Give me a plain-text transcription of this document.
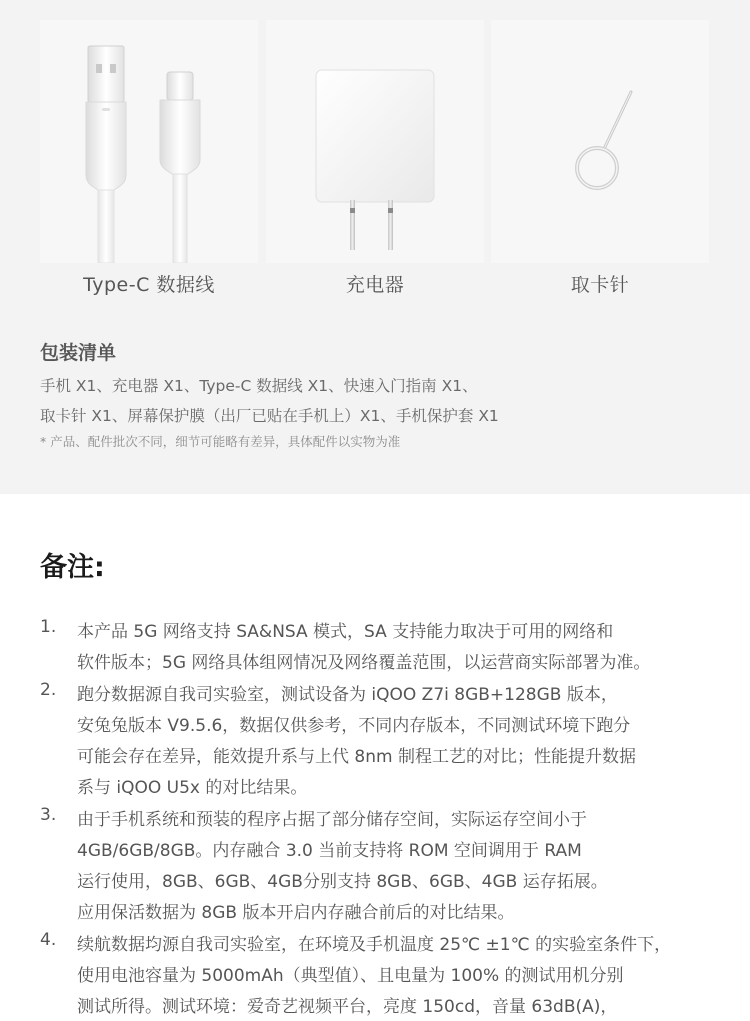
Type-C 数据线	充电器	取卡针
包装清单
手机 X1、充电器 X1、Type-C 数据线 X1、快速入门指南 X1、
取卡针 X1、屏幕保护膜（出厂已贴在手机上）X1、手机保护套 X1
* 产品、配件批次不同，细节可能略有差异，具体配件以实物为准
备注:
1. 本产品 5G 网络支持 SA&NSA 模式，SA 支持能力取决于可用的网络和
软件版本；5G 网络具体组网情况及网络覆盖范围，以运营商实际部署为准。
2. 跑分数据源自我司实验室，测试设备为 iQOO Z7i 8GB+128GB 版本，
安兔兔版本 V9.5.6，数据仅供参考，不同内存版本，不同测试环境下跑分
可能会存在差异，能效提升系与上代 8nm 制程工艺的对比；性能提升数据
系与 iQOO U5x 的对比结果。
3. 由于手机系统和预装的程序占据了部分储存空间，实际运存空间小于
4GB/6GB/8GB。内存融合 3.0 当前支持将 ROM 空间调用于 RAM
运行使用，8GB、6GB、4GB分别支持 8GB、6GB、4GB 运存拓展。
应用保活数据为 8GB 版本开启内存融合前后的对比结果。
4. 续航数据均源自我司实验室，在环境及手机温度 25℃ ±1℃ 的实验室条件下，
使用电池容量为 5000mAh（典型值）、且电量为 100% 的测试用机分别
测试所得。测试环境：爱奇艺视频平台，亮度 150cd，音量 63dB(A)，
